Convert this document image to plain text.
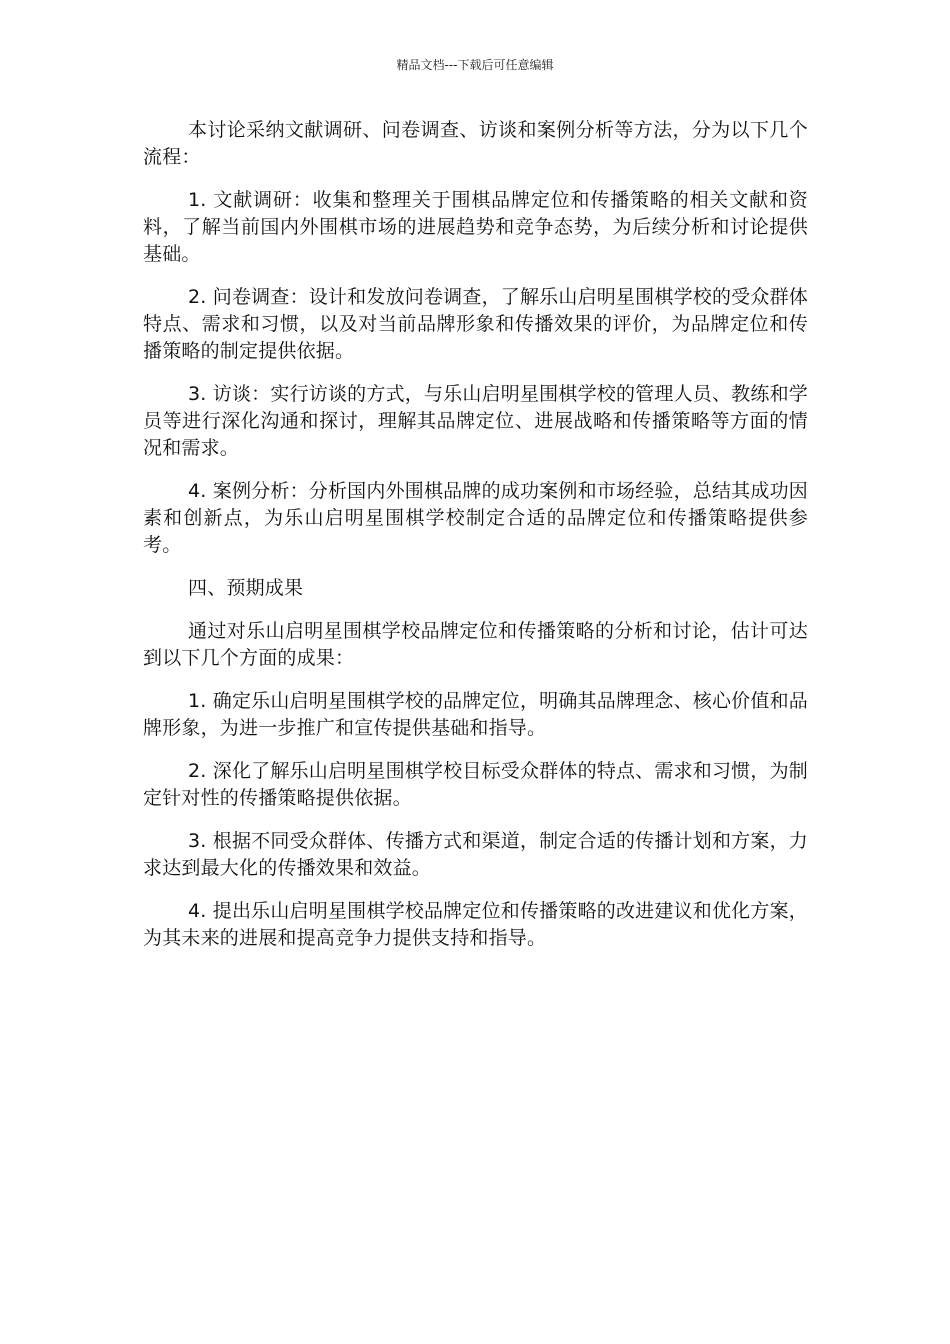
精品文档---下载后可任意编辑

本讨论采纳文献调研、问卷调查、访谈和案例分析等方法，分为以下几个流程：

1. 文献调研：收集和整理关于围棋品牌定位和传播策略的相关文献和资料，了解当前国内外围棋市场的进展趋势和竞争态势，为后续分析和讨论提供基础。

2. 问卷调查：设计和发放问卷调查，了解乐山启明星围棋学校的受众群体特点、需求和习惯，以及对当前品牌形象和传播效果的评价，为品牌定位和传播策略的制定提供依据。

3. 访谈：实行访谈的方式，与乐山启明星围棋学校的管理人员、教练和学员等进行深化沟通和探讨，理解其品牌定位、进展战略和传播策略等方面的情况和需求。

4. 案例分析：分析国内外围棋品牌的成功案例和市场经验，总结其成功因素和创新点，为乐山启明星围棋学校制定合适的品牌定位和传播策略提供参考。

四、预期成果

通过对乐山启明星围棋学校品牌定位和传播策略的分析和讨论，估计可达到以下几个方面的成果：

1. 确定乐山启明星围棋学校的品牌定位，明确其品牌理念、核心价值和品牌形象，为进一步推广和宣传提供基础和指导。

2. 深化了解乐山启明星围棋学校目标受众群体的特点、需求和习惯，为制定针对性的传播策略提供依据。

3. 根据不同受众群体、传播方式和渠道，制定合适的传播计划和方案，力求达到最大化的传播效果和效益。

4. 提出乐山启明星围棋学校品牌定位和传播策略的改进建议和优化方案，为其未来的进展和提高竞争力提供支持和指导。
